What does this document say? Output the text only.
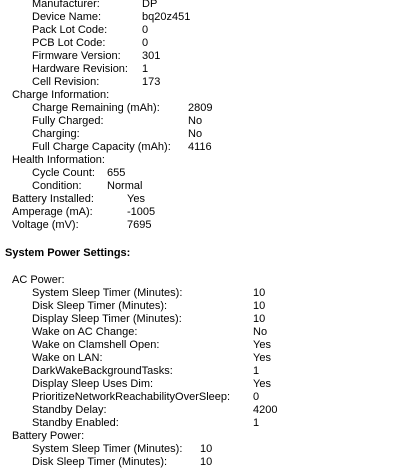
Manufacturer:	DP
Device Name:	bq20z451
Pack Lot Code:	0
PCB Lot Code:	0
Firmware Version: 301
Hardware Revision: 1
Cell Revision:	173
Charge Information:
Charge Remaining (mAh):	2809
Fully Charged:	No
Charging:	No
Full Charge Capacity (mAh): 4116
Health Information:
Cycle Count: 655
Condition: Normal
Battery Installed:	Yes
Amperage (mA):	-1005
Voltage (mV):	7695
System Power Settings:
AC Power:
System Sleep Timer (Minutes):	10
Disk Sleep Timer (Minutes):	10
Display Sleep Timer (Minutes):	10
Wake on AC Change:	No
Wake on Clamshell Open:	Yes
Wake on LAN:	Yes
DarkWakeBackgroundTasks:	1
Display Sleep Uses Dim:	Yes
PrioritizeNetworkReachabilityOverSleep: 0
Standby Delay:	4200
Standby Enabled:	1
Battery Power:
System Sleep Timer (Minutes): 10
Disk Sleep Timer (Minutes):	10
